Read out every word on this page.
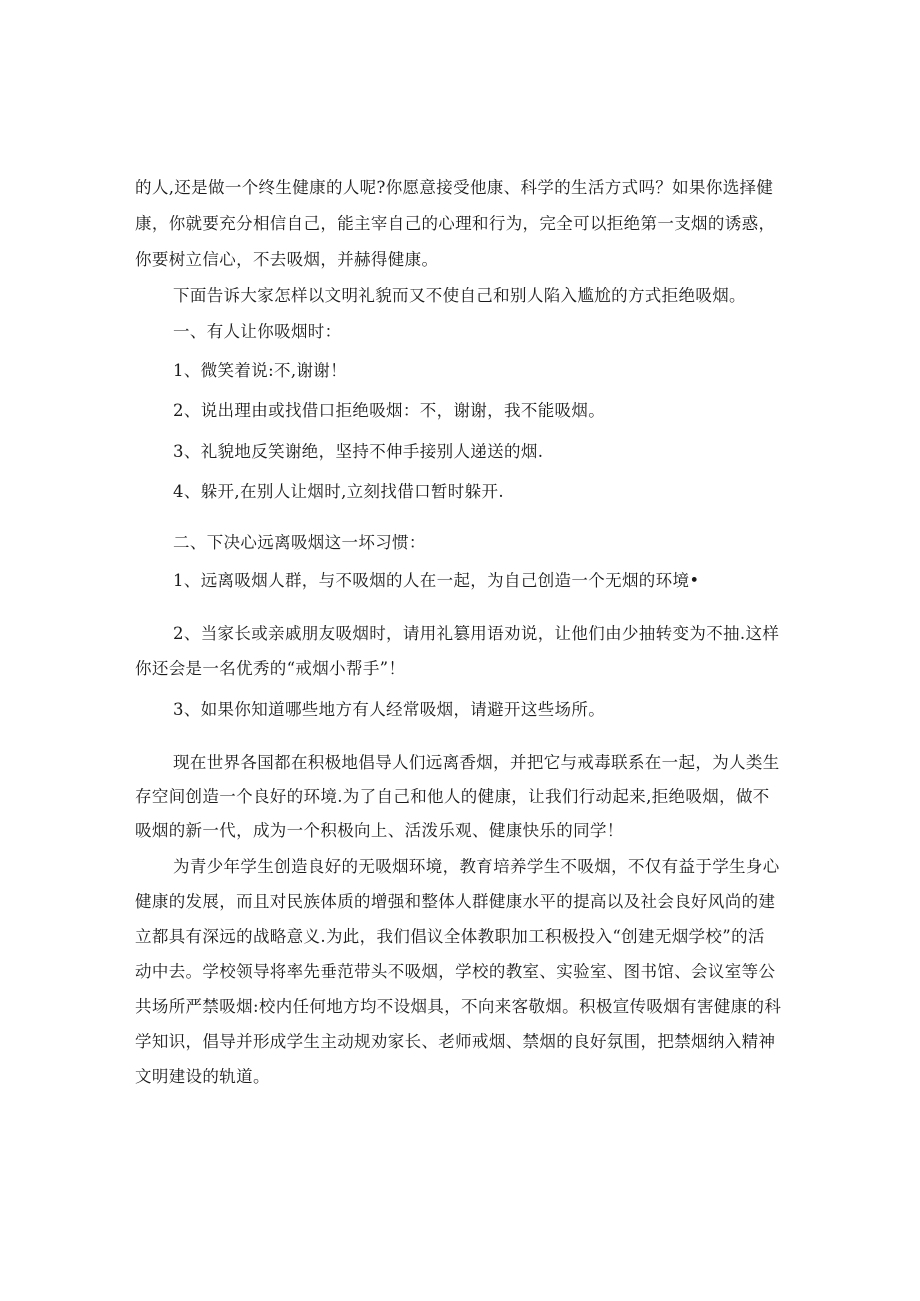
的人,还是做一个终生健康的人呢?你愿意接受他康、科学的生活方式吗？如果你选择健
康，你就要充分相信自己，能主宰自己的心理和行为，完全可以拒绝第一支烟的诱惑，
你要树立信心，不去吸烟，并赫得健康。
下面告诉大家怎样以文明礼貌而又不使自己和别人陷入尴尬的方式拒绝吸烟。
一、有人让你吸烟时：
1、微笑着说:不,谢谢！
2、说出理由或找借口拒绝吸烟：不，谢谢，我不能吸烟。
3、礼貌地反笑谢绝，坚持不伸手接别人递送的烟.
4、躲开,在别人让烟时,立刻找借口暂时躲开.
二、下决心远离吸烟这一坏习惯：
1、远离吸烟人群，与不吸烟的人在一起，为自己创造一个无烟的环境•
2、当家长或亲戚朋友吸烟时，请用礼篡用语劝说，让他们由少抽转变为不抽.这样
你还会是一名优秀的“戒烟小帮手”！
3、如果你知道哪些地方有人经常吸烟，请避开这些场所。
现在世界各国都在积极地倡导人们远离香烟，并把它与戒毒联系在一起，为人类生
存空间创造一个良好的环境.为了自己和他人的健康，让我们行动起来,拒绝吸烟，做不
吸烟的新一代，成为一个积极向上、活泼乐观、健康快乐的同学！
为青少年学生创造良好的无吸烟环境，教育培养学生不吸烟，不仅有益于学生身心
健康的发展，而且对民族体质的增强和整体人群健康水平的提高以及社会良好风尚的建
立都具有深远的战略意义.为此，我们倡议全体教职加工积极投入“创建无烟学校”的活
动中去。学校领导将率先垂范带头不吸烟，学校的教室、实验室、图书馆、会议室等公
共场所严禁吸烟:校内任何地方均不设烟具，不向来客敬烟。积极宣传吸烟有害健康的科
学知识，倡导并形成学生主动规劝家长、老师戒烟、禁烟的良好氛围，把禁烟纳入精神
文明建设的轨道。
